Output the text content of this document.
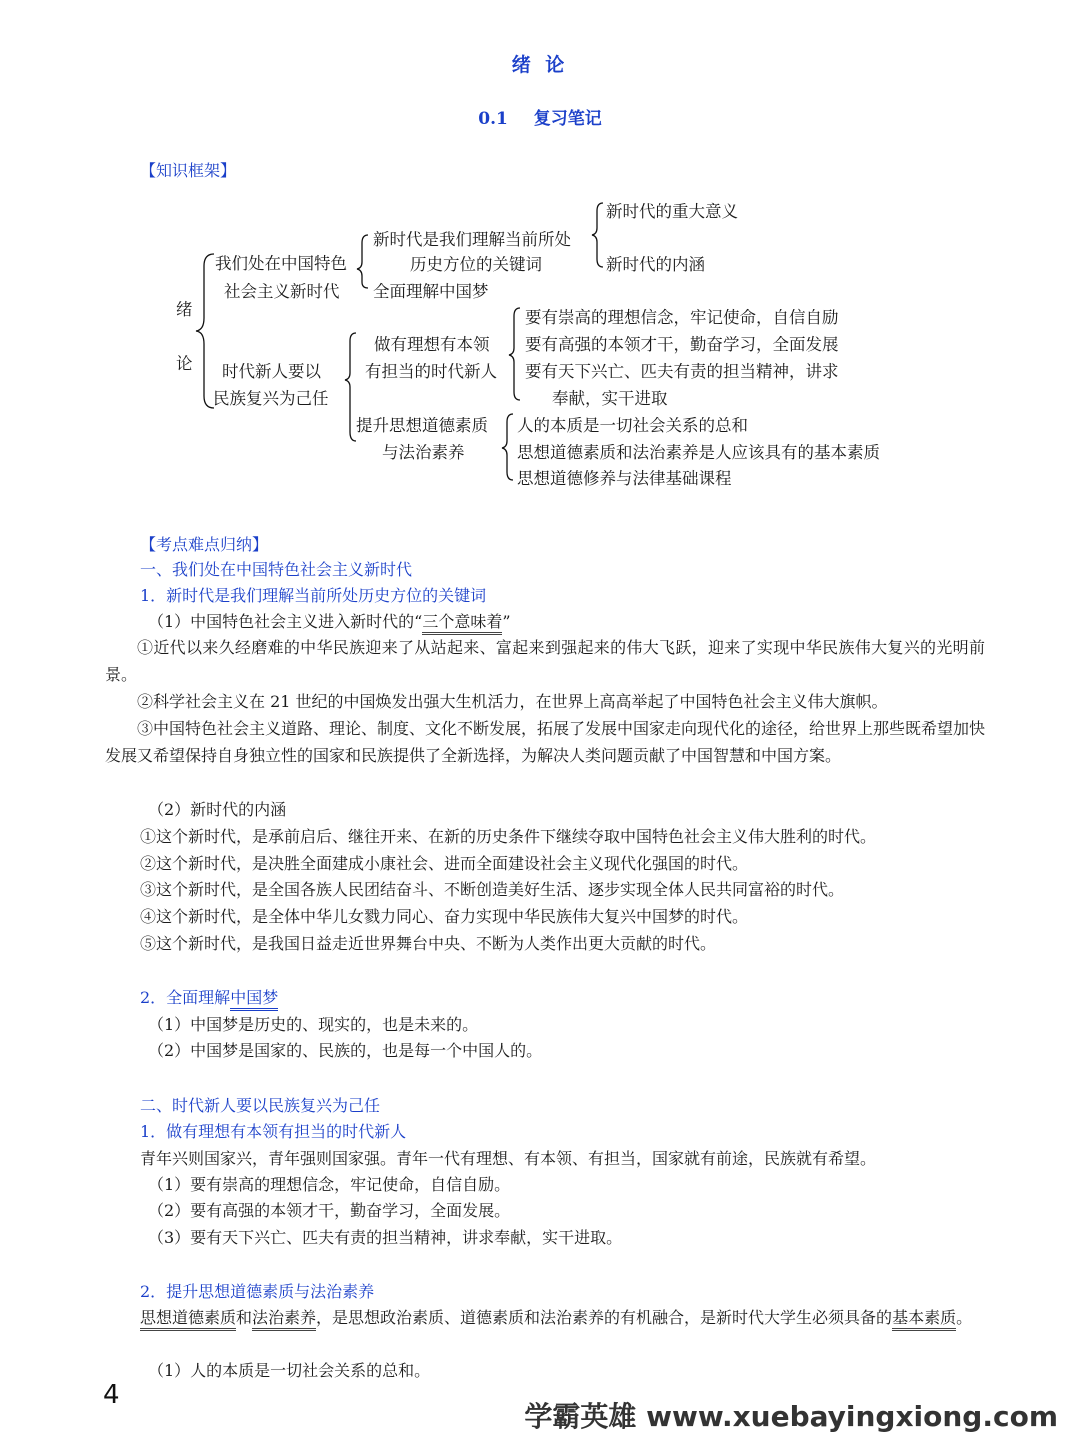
绪 论
0.1 复习笔记
【知识框架】
绪
论
我们处在中国特色
社会主义新时代
新时代是我们理解当前所处
历史方位的关键词
新时代的重大意义
新时代的内涵
全面理解中国梦
时代新人要以
民族复兴为己任
做有理想有本领
有担当的时代新人
要有崇高的理想信念，牢记使命，自信自励
要有高强的本领才干，勤奋学习，全面发展
要有天下兴亡、匹夫有责的担当精神，讲求
奉献，实干进取
提升思想道德素质
与法治素养
人的本质是一切社会关系的总和
思想道德素质和法治素养是人应该具有的基本素质
思想道德修养与法律基础课程
【考点难点归纳】
一、我们处在中国特色社会主义新时代
1．新时代是我们理解当前所处历史方位的关键词
（1）中国特色社会主义进入新时代的“三个意味着”
①近代以来久经磨难的中华民族迎来了从站起来、富起来到强起来的伟大飞跃，迎来了实现中华民族伟大复兴的光明前景。
②科学社会主义在 21 世纪的中国焕发出强大生机活力，在世界上高高举起了中国特色社会主义伟大旗帜。
③中国特色社会主义道路、理论、制度、文化不断发展，拓展了发展中国家走向现代化的途径，给世界上那些既希望加快发展又希望保持自身独立性的国家和民族提供了全新选择，为解决人类问题贡献了中国智慧和中国方案。
（2）新时代的内涵
①这个新时代，是承前启后、继往开来、在新的历史条件下继续夺取中国特色社会主义伟大胜利的时代。
②这个新时代，是决胜全面建成小康社会、进而全面建设社会主义现代化强国的时代。
③这个新时代，是全国各族人民团结奋斗、不断创造美好生活、逐步实现全体人民共同富裕的时代。
④这个新时代，是全体中华儿女戮力同心、奋力实现中华民族伟大复兴中国梦的时代。
⑤这个新时代，是我国日益走近世界舞台中央、不断为人类作出更大贡献的时代。
2．全面理解中国梦
（1）中国梦是历史的、现实的，也是未来的。
（2）中国梦是国家的、民族的，也是每一个中国人的。
二、时代新人要以民族复兴为己任
1．做有理想有本领有担当的时代新人
青年兴则国家兴，青年强则国家强。青年一代有理想、有本领、有担当，国家就有前途，民族就有希望。
（1）要有崇高的理想信念，牢记使命，自信自励。
（2）要有高强的本领才干，勤奋学习，全面发展。
（3）要有天下兴亡、匹夫有责的担当精神，讲求奉献，实干进取。
2．提升思想道德素质与法治素养
思想道德素质和法治素养，是思想政治素质、道德素质和法治素养的有机融合，是新时代大学生必须具备的基本素质。
（1）人的本质是一切社会关系的总和。
4
学霸英雄 www.xuebayingxiong.com
